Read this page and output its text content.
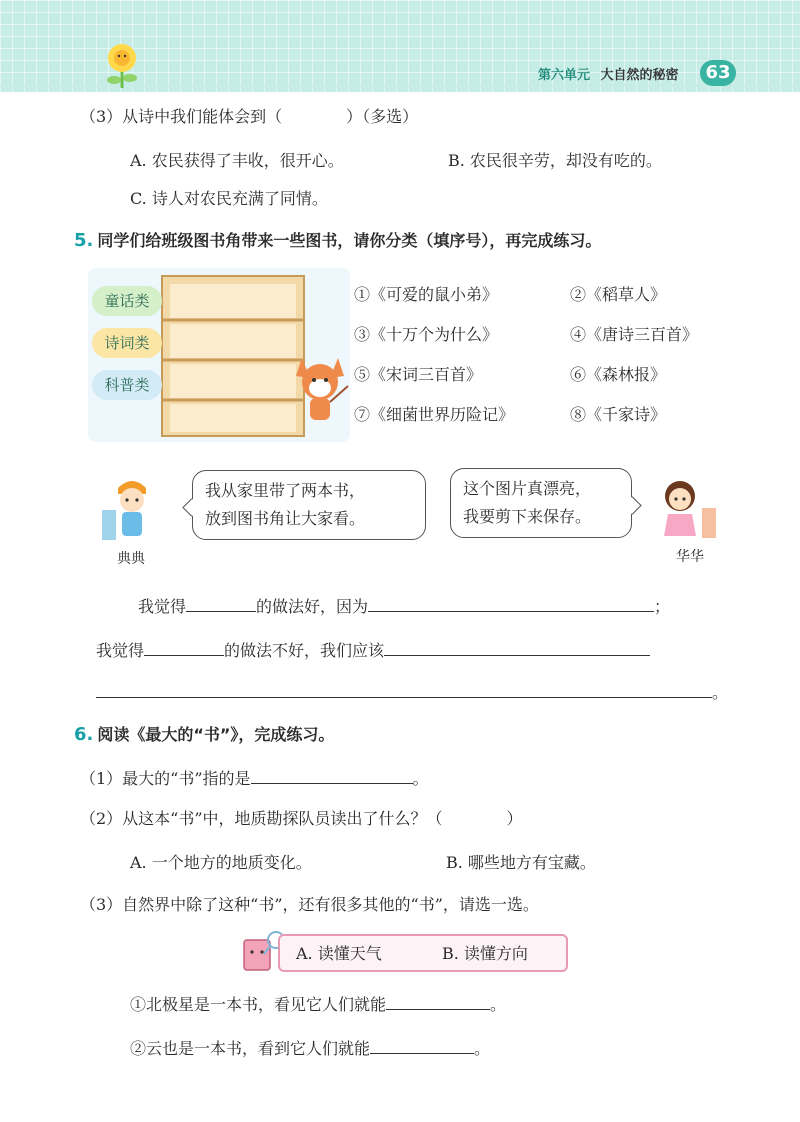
第六单元 大自然的秘密	63
（3）从诗中我们能体会到（　　　　）（多选）
A. 农民获得了丰收，很开心。	B. 农民很辛劳，却没有吃的。
C. 诗人对农民充满了同情。
5. 同学们给班级图书角带来一些图书，请你分类（填序号），再完成练习。
童话类
诗词类
科普类
①《可爱的鼠小弟》	②《稻草人》
③《十万个为什么》	④《唐诗三百首》
⑤《宋词三百首》	⑥《森林报》
⑦《细菌世界历险记》	⑧《千家诗》
典典
我从家里带了两本书，
放到图书角让大家看。
这个图片真漂亮，
我要剪下来保存。
华华
我觉得	的做法好，因为	；
我觉得	的做法不好，我们应该
。
6. 阅读《最大的“书”》，完成练习。
（1）最大的“书”指的是	。
（2）从这本“书”中，地质勘探队员读出了什么？（　　　　）
A. 一个地方的地质变化。	B. 哪些地方有宝藏。
（3）自然界中除了这种“书”，还有很多其他的“书”，请选一选。
A. 读懂天气	B. 读懂方向
①北极星是一本书，看见它人们就能	。
②云也是一本书，看到它人们就能	。
